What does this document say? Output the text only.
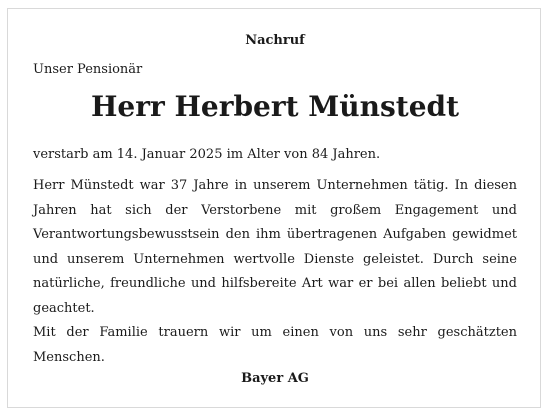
Nachruf
Unser Pensionär
Herr Herbert Münstedt
verstarb am 14. Januar 2025 im Alter von 84 Jahren.
Herr Münstedt war 37 Jahre in unserem Unternehmen tätig. In diesen Jahren hat sich der Verstorbene mit großem Engagement und Verantwortungsbewusstsein den ihm übertragenen Aufgaben gewidmet und unserem Unternehmen wertvolle Dienste geleistet. Durch seine natürliche, freundliche und hilfsbereite Art war er bei allen beliebt und geachtet.
Mit der Familie trauern wir um einen von uns sehr geschätzten Menschen.
Bayer AG
